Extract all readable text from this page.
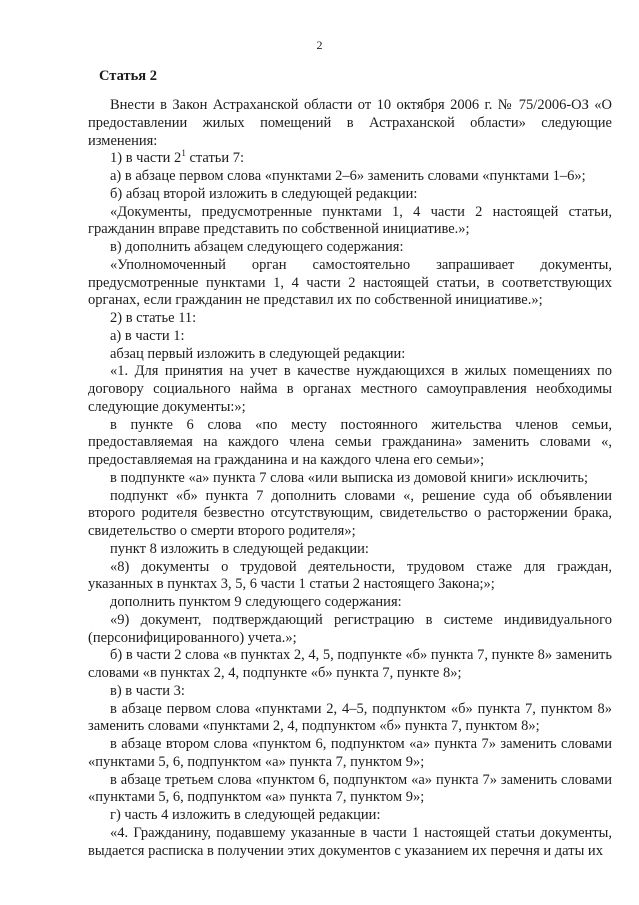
2
Статья 2

Внести в Закон Астраханской области от 10 октября 2006 г. № 75/2006-ОЗ «О предоставлении жилых помещений в Астраханской области» следующие изменения:

1) в части $2^1$ статьи 7:

а) в абзаце первом слова «пунктами 2–6» заменить словами «пунктами 1–6»;

б) абзац второй изложить в следующей редакции:

«Документы, предусмотренные пунктами 1, 4 части 2 настоящей статьи, гражданин вправе представить по собственной инициативе.»;

в) дополнить абзацем следующего содержания:

«Уполномоченный орган самостоятельно запрашивает документы, предусмотренные пунктами 1, 4 части 2 настоящей статьи, в соответствующих органах, если гражданин не представил их по собственной инициативе.»;

2) в статье 11:

а) в части 1:

абзац первый изложить в следующей редакции:

«1. Для принятия на учет в качестве нуждающихся в жилых помещениях по договору социального найма в органах местного самоуправления необходимы следующие документы:»;

в пункте 6 слова «по месту постоянного жительства членов семьи, предоставляемая на каждого члена семьи гражданина» заменить словами «, предоставляемая на гражданина и на каждого члена его семьи»;

в подпункте «а» пункта 7 слова «или выписка из домовой книги» исключить;

подпункт «б» пункта 7 дополнить словами «, решение суда об объявлении второго родителя безвестно отсутствующим, свидетельство о расторжении брака, свидетельство о смерти второго родителя»;

пункт 8 изложить в следующей редакции:

«8) документы о трудовой деятельности, трудовом стаже для граждан, указанных в пунктах 3, 5, 6 части 1 статьи 2 настоящего Закона;»;

дополнить пунктом 9 следующего содержания:

«9) документ, подтверждающий регистрацию в системе индивидуального (персонифицированного) учета.»;

б) в части 2 слова «в пунктах 2, 4, 5, подпункте «б» пункта 7, пункте 8» заменить словами «в пунктах 2, 4, подпункте «б» пункта 7, пункте 8»;

в) в части 3:

в абзаце первом слова «пунктами 2, 4–5, подпунктом «б» пункта 7, пунктом 8» заменить словами «пунктами 2, 4, подпунктом «б» пункта 7, пунктом 8»;

в абзаце втором слова «пунктом 6, подпунктом «а» пункта 7» заменить словами «пунктами 5, 6, подпунктом «а» пункта 7, пунктом 9»;

в абзаце третьем слова «пунктом 6, подпунктом «а» пункта 7» заменить словами «пунктами 5, 6, подпунктом «а» пункта 7, пунктом 9»;

г) часть 4 изложить в следующей редакции:

«4. Гражданину, подавшему указанные в части 1 настоящей статьи документы, выдается расписка в получении этих документов с указанием их перечня и даты их
